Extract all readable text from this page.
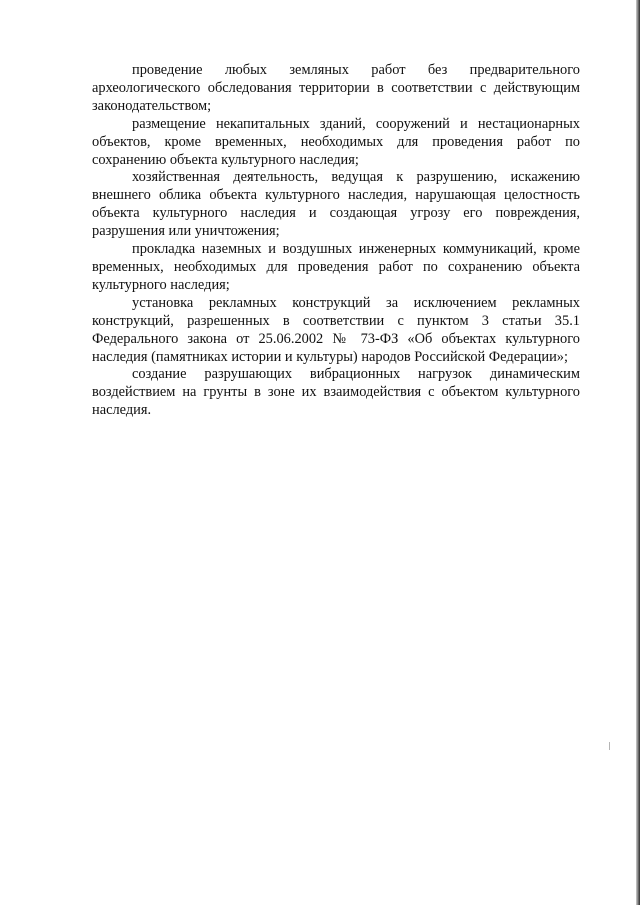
проведение любых земляных работ без предварительного археологического обследования территории в соответствии с действующим законодательством;

размещение некапитальных зданий, сооружений и нестационарных объектов, кроме временных, необходимых для проведения работ по сохранению объекта культурного наследия;

хозяйственная деятельность, ведущая к разрушению, искажению внешнего облика объекта культурного наследия, нарушающая целостность объекта культурного наследия и создающая угрозу его повреждения, разрушения или уничтожения;

прокладка наземных и воздушных инженерных коммуникаций, кроме временных, необходимых для проведения работ по сохранению объекта культурного наследия;

установка рекламных конструкций за исключением рекламных конструкций, разрешенных в соответствии с пунктом 3 статьи 35.1 Федерального закона от 25.06.2002 № 73-ФЗ «Об объектах культурного наследия (памятниках истории и культуры) народов Российской Федерации»;

создание разрушающих вибрационных нагрузок динамическим воздействием на грунты в зоне их взаимодействия с объектом культурного наследия.
